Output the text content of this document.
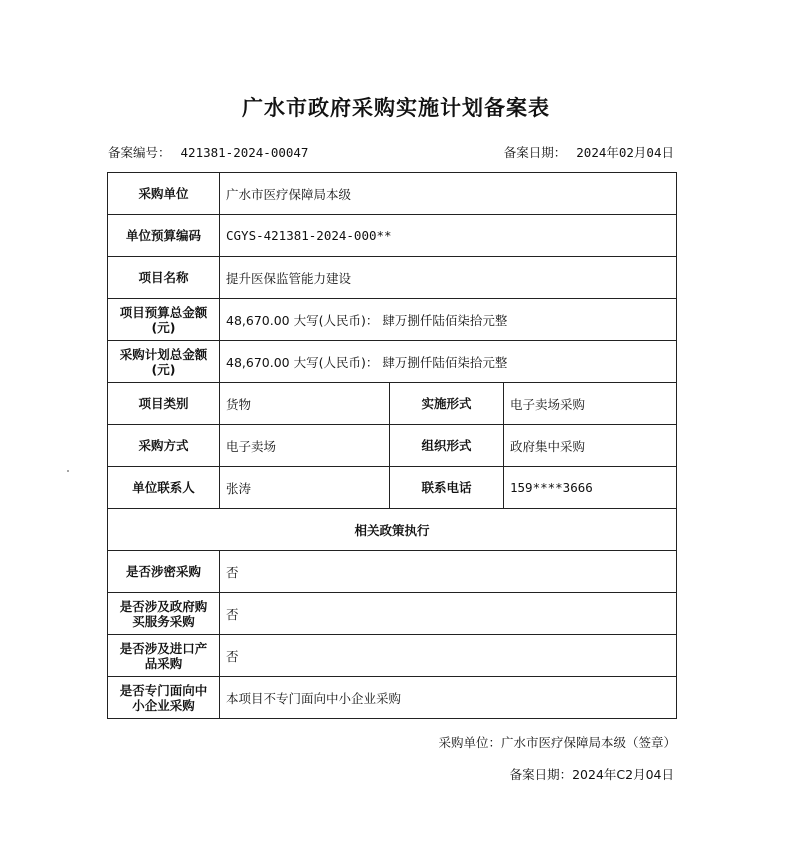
广水市政府采购实施计划备案表
备案编号： 421381-2024-00047	备案日期： 2024年02月04日
采购单位	广水市医疗保障局本级		
单位预算编码	CGYS-421381-2024-000**		
项目名称	提升医保监管能力建设		

项目预算总金额
(元)	48,670.00 大写(人民币)： 肆万捌仟陆佰柒拾元整		

采购计划总金额
(元)	48,670.00 大写(人民币)： 肆万捌仟陆佰柒拾元整		
项目类别	货物	实施形式	电子卖场采购
采购方式	电子卖场	组织形式	政府集中采购
单位联系人	张涛	联系电话	159****3666
相关政策执行			
是否涉密采购	否		

是否涉及政府购
买服务采购	否		

是否涉及进口产
品采购	否		

是否专门面向中
小企业采购	本项目不专门面向中小企业采购		
采购单位：广水市医疗保障局本级（签章）
备案日期：2024年C2月04日
